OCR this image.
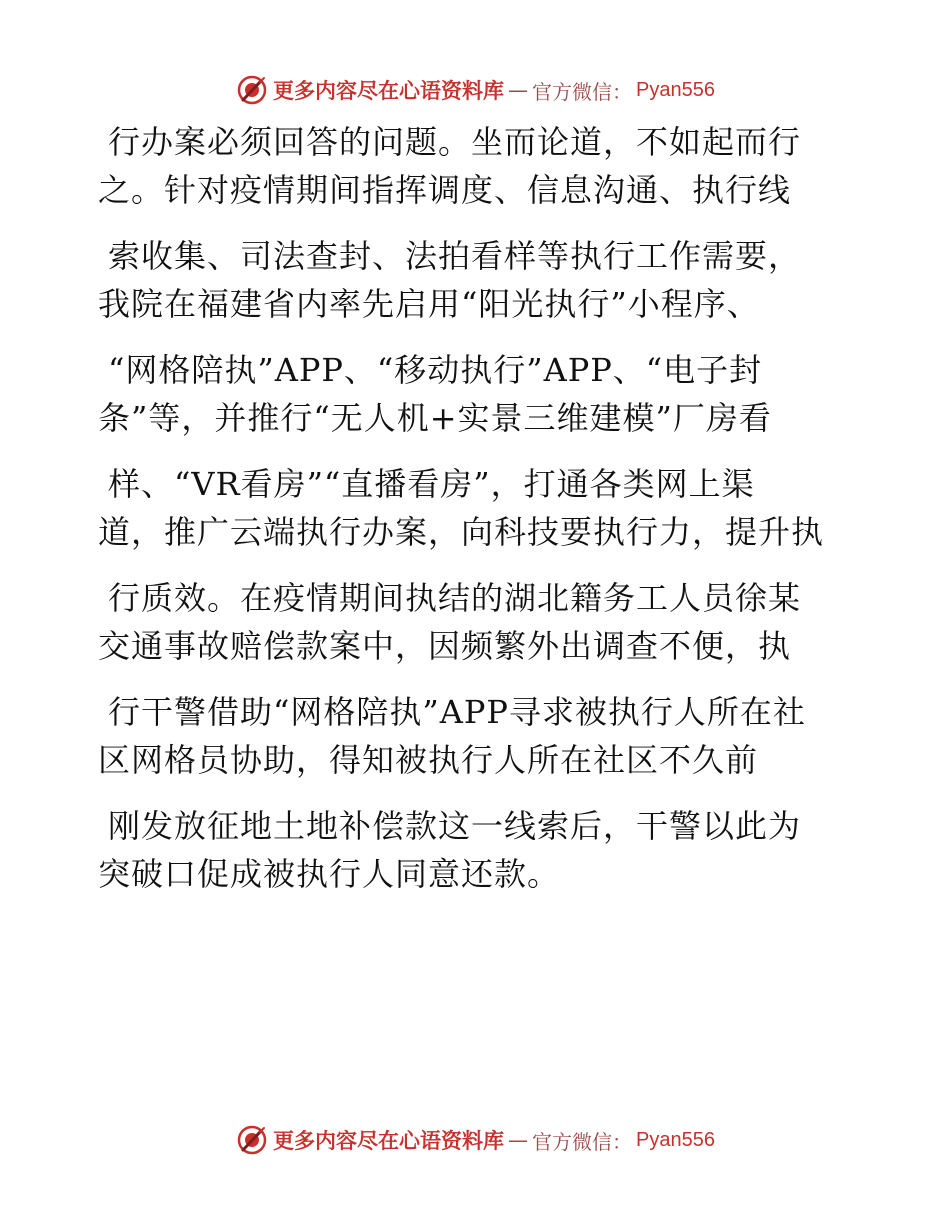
更多内容尽在心语资料库 — 官方微信： Pyan556
行办案必须回答的问题。坐而论道，不如起而行
之。针对疫情期间指挥调度、信息沟通、执行线
索收集、司法查封、法拍看样等执行工作需要，
我院在福建省内率先启用“阳光执行”小程序、
“网格陪执”APP、“移动执行”APP、“电子封
条”等，并推行“无人机+实景三维建模”厂房看
样、“VR看房”“直播看房”，打通各类网上渠
道，推广云端执行办案，向科技要执行力，提升执
行质效。在疫情期间执结的湖北籍务工人员徐某
交通事故赔偿款案中，因频繁外出调查不便，执
行干警借助“网格陪执”APP寻求被执行人所在社
区网格员协助，得知被执行人所在社区不久前
刚发放征地土地补偿款这一线索后，干警以此为
突破口促成被执行人同意还款。
更多内容尽在心语资料库 — 官方微信： Pyan556
